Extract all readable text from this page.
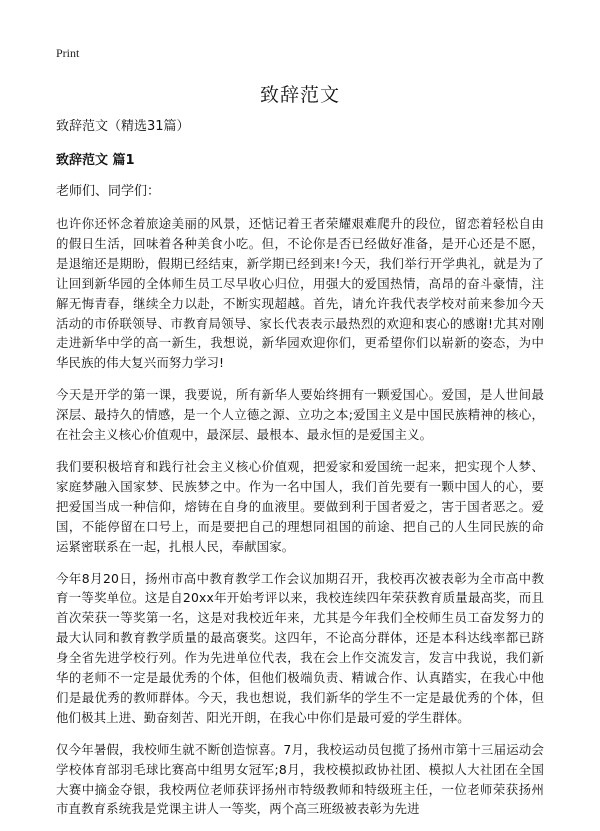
Print
致辞范文
致辞范文（精选31篇）
致辞范文 篇1
老师们、同学们：

也许你还怀念着旅途美丽的风景，还惦记着王者荣耀艰难爬升的段位，留恋着轻松自由的假日生活，回味着各种美食小吃。但，不论你是否已经做好准备，是开心还是不愿，是退缩还是期盼，假期已经结束，新学期已经到来!今天，我们举行开学典礼，就是为了让回到新华园的全体师生员工尽早收心归位，用强大的爱国热情，高昂的奋斗豪情，注解无悔青春，继续全力以赴，不断实现超越。首先，请允许我代表学校对前来参加今天活动的市侨联领导、市教育局领导、家长代表表示最热烈的欢迎和衷心的感谢!尤其对刚走进新华中学的高一新生，我想说，新华园欢迎你们，更希望你们以崭新的姿态，为中华民族的伟大复兴而努力学习!

今天是开学的第一课，我要说，所有新华人要始终拥有一颗爱国心。爱国，是人世间最深层、最持久的情感，是一个人立德之源、立功之本;爱国主义是中国民族精神的核心，在社会主义核心价值观中，最深层、最根本、最永恒的是爱国主义。

我们要积极培育和践行社会主义核心价值观，把爱家和爱国统一起来，把实现个人梦、家庭梦融入国家梦、民族梦之中。作为一名中国人，我们首先要有一颗中国人的心，要把爱国当成一种信仰，熔铸在自身的血液里。要做到利于国者爱之，害于国者恶之。爱国，不能停留在口号上，而是要把自己的理想同祖国的前途、把自己的人生同民族的命运紧密联系在一起，扎根人民，奉献国家。

今年8月20日，扬州市高中教育教学工作会议加期召开，我校再次被表彰为全市高中教育一等奖单位。这是自20xx年开始考评以来，我校连续四年荣获教育质量最高奖，而且首次荣获一等奖第一名，这是对我校近年来，尤其是今年我们全校师生员工奋发努力的最大认同和教育教学质量的最高褒奖。这四年，不论高分群体，还是本科达线率都已跻身全省先进学校行列。作为先进单位代表，我在会上作交流发言，发言中我说，我们新华的老师不一定是最优秀的个体，但他们极端负责、精诚合作、认真踏实，在我心中他们是最优秀的教师群体。今天，我也想说，我们新华的学生不一定是最优秀的个体，但他们极其上进、勤奋刻苦、阳光开朗，在我心中你们是最可爱的学生群体。

仅今年暑假，我校师生就不断创造惊喜。7月，我校运动员包揽了扬州市第十三届运动会学校体育部羽毛球比赛高中组男女冠军;8月，我校模拟政协社团、模拟人大社团在全国大赛中摘金夺银，我校两位老师获评扬州市特级教师和特级班主任，一位老师荣获扬州市直教育系统我是党课主讲人一等奖，两个高三班级被表彰为先进
